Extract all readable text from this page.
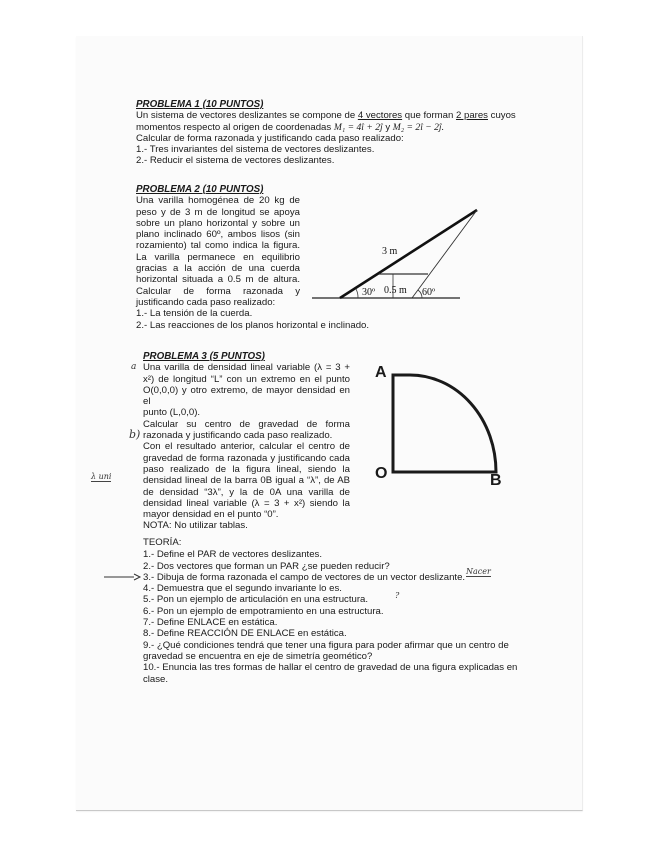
PROBLEMA 1 (10 PUNTOS)
Un sistema de vectores deslizantes se compone de 4 vectores que forman 2 pares cuyos
momentos respecto al origen de coordenadas M₁ = 4î + 2ĵ y M₂ = 2î − 2ĵ.
Calcular de forma razonada y justificando cada paso realizado:
1.- Tres invariantes del sistema de vectores deslizantes.
2.- Reducir el sistema de vectores deslizantes.
PROBLEMA 2 (10 PUNTOS)
Una varilla homogénea de 20 kg de
peso y de 3 m de longitud se apoya
sobre un plano horizontal y sobre un
plano inclinado 60º, ambos lisos (sin
rozamiento) tal como indica la figura.
La varilla permanece en equilibrio
gracias a la acción de una cuerda
horizontal situada a 0.5 m de altura.
Calcular de forma razonada y
justificando cada paso realizado:
1.- La tensión de la cuerda.
2.- Las reacciones de los planos horizontal e inclinado.
3 m
30º 0.5 m 60º
PROBLEMA 3 (5 PUNTOS)
Una varilla de densidad lineal variable (λ = 3 +
x²) de longitud “L” con un extremo en el punto
O(0,0,0) y otro extremo, de mayor densidad en el
punto (L,0,0).
Calcular su centro de gravedad de forma
razonada y justificando cada paso realizado.
Con el resultado anterior, calcular el centro de
gravedad de forma razonada y justificando cada
paso realizado de la figura lineal, siendo la
densidad lineal de la barra 0B igual a “λ”, de AB
de densidad “3λ”, y la de 0A una varilla de
densidad lineal variable (λ = 3 + x²) siendo la
mayor densidad en el punto “0”.
NOTA: No utilizar tablas.
a
b)
λ uni
A
O	B
TEORÍA:
1.- Define el PAR de vectores deslizantes.
2.- Dos vectores que forman un PAR ¿se pueden reducir?
3.- Dibuja de forma razonada el campo de vectores de un vector deslizante.
4.- Demuestra que el segundo invariante lo es.
5.- Pon un ejemplo de articulación en una estructura.
6.- Pon un ejemplo de empotramiento en una estructura.
7.- Define ENLACE en estática.
8.- Define REACCIÓN DE ENLACE en estática.
9.- ¿Qué condiciones tendrá que tener una figura para poder afirmar que un centro de
gravedad se encuentra en eje de simetría geomético?
10.- Enuncia las tres formas de hallar el centro de gravedad de una figura explicadas en
clase.
Nacer
?
